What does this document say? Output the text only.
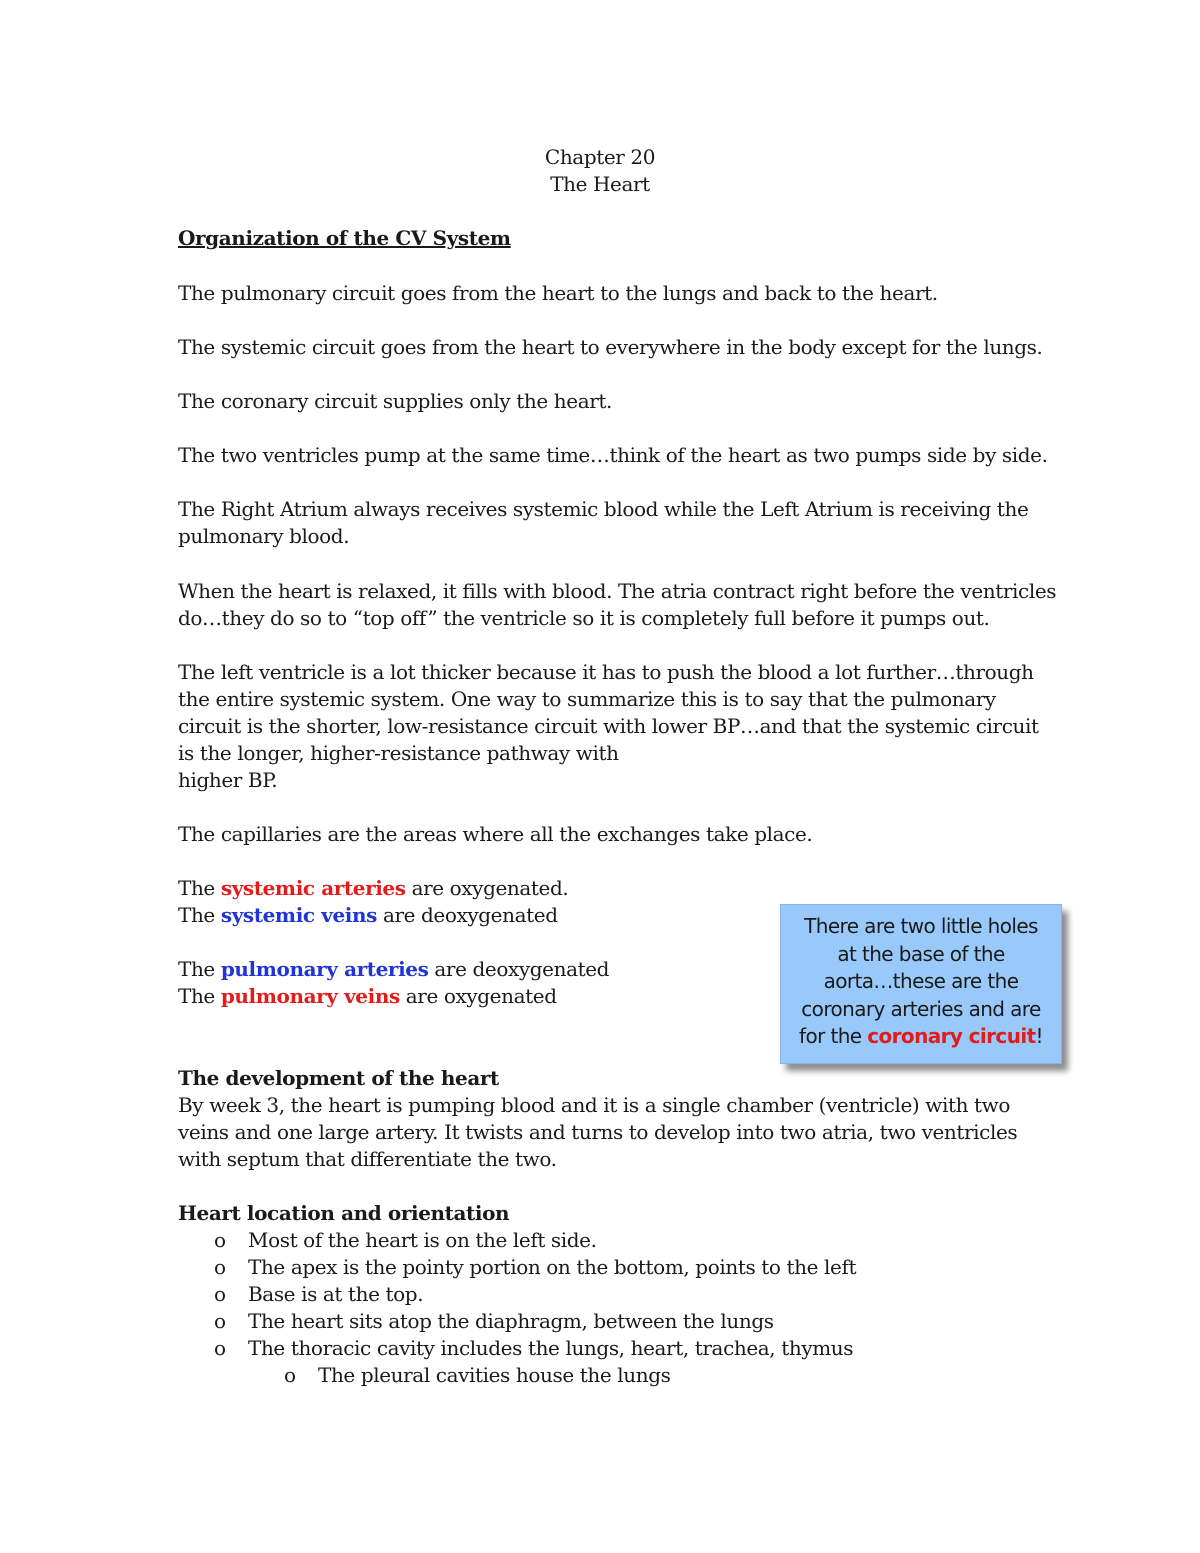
Chapter 20
The Heart
Organization of the CV System
The pulmonary circuit goes from the heart to the lungs and back to the heart.
The systemic circuit goes from the heart to everywhere in the body except for the lungs.
The coronary circuit supplies only the heart.
The two ventricles pump at the same time…think of the heart as two pumps side by side.
The Right Atrium always receives systemic blood while the Left Atrium is receiving the
pulmonary blood.
When the heart is relaxed, it fills with blood. The atria contract right before the ventricles
do…they do so to “top off” the ventricle so it is completely full before it pumps out.
The left ventricle is a lot thicker because it has to push the blood a lot further…through
the entire systemic system. One way to summarize this is to say that the pulmonary
circuit is the shorter, low-resistance circuit with lower BP…and that the systemic circuit
is the longer, higher-resistance pathway with
higher BP.
The capillaries are the areas where all the exchanges take place.
The systemic arteries are oxygenated.
The systemic veins are deoxygenated
The pulmonary arteries are deoxygenated
The pulmonary veins are oxygenated
There are two little holes
at the base of the
aorta…these are the
coronary arteries and are
for the coronary circuit!
The development of the heart
By week 3, the heart is pumping blood and it is a single chamber (ventricle) with two
veins and one large artery. It twists and turns to develop into two atria, two ventricles
with septum that differentiate the two.
Heart location and orientation
o Most of the heart is on the left side.
o The apex is the pointy portion on the bottom, points to the left
o Base is at the top.
o The heart sits atop the diaphragm, between the lungs
o The thoracic cavity includes the lungs, heart, trachea, thymus
o The pleural cavities house the lungs
